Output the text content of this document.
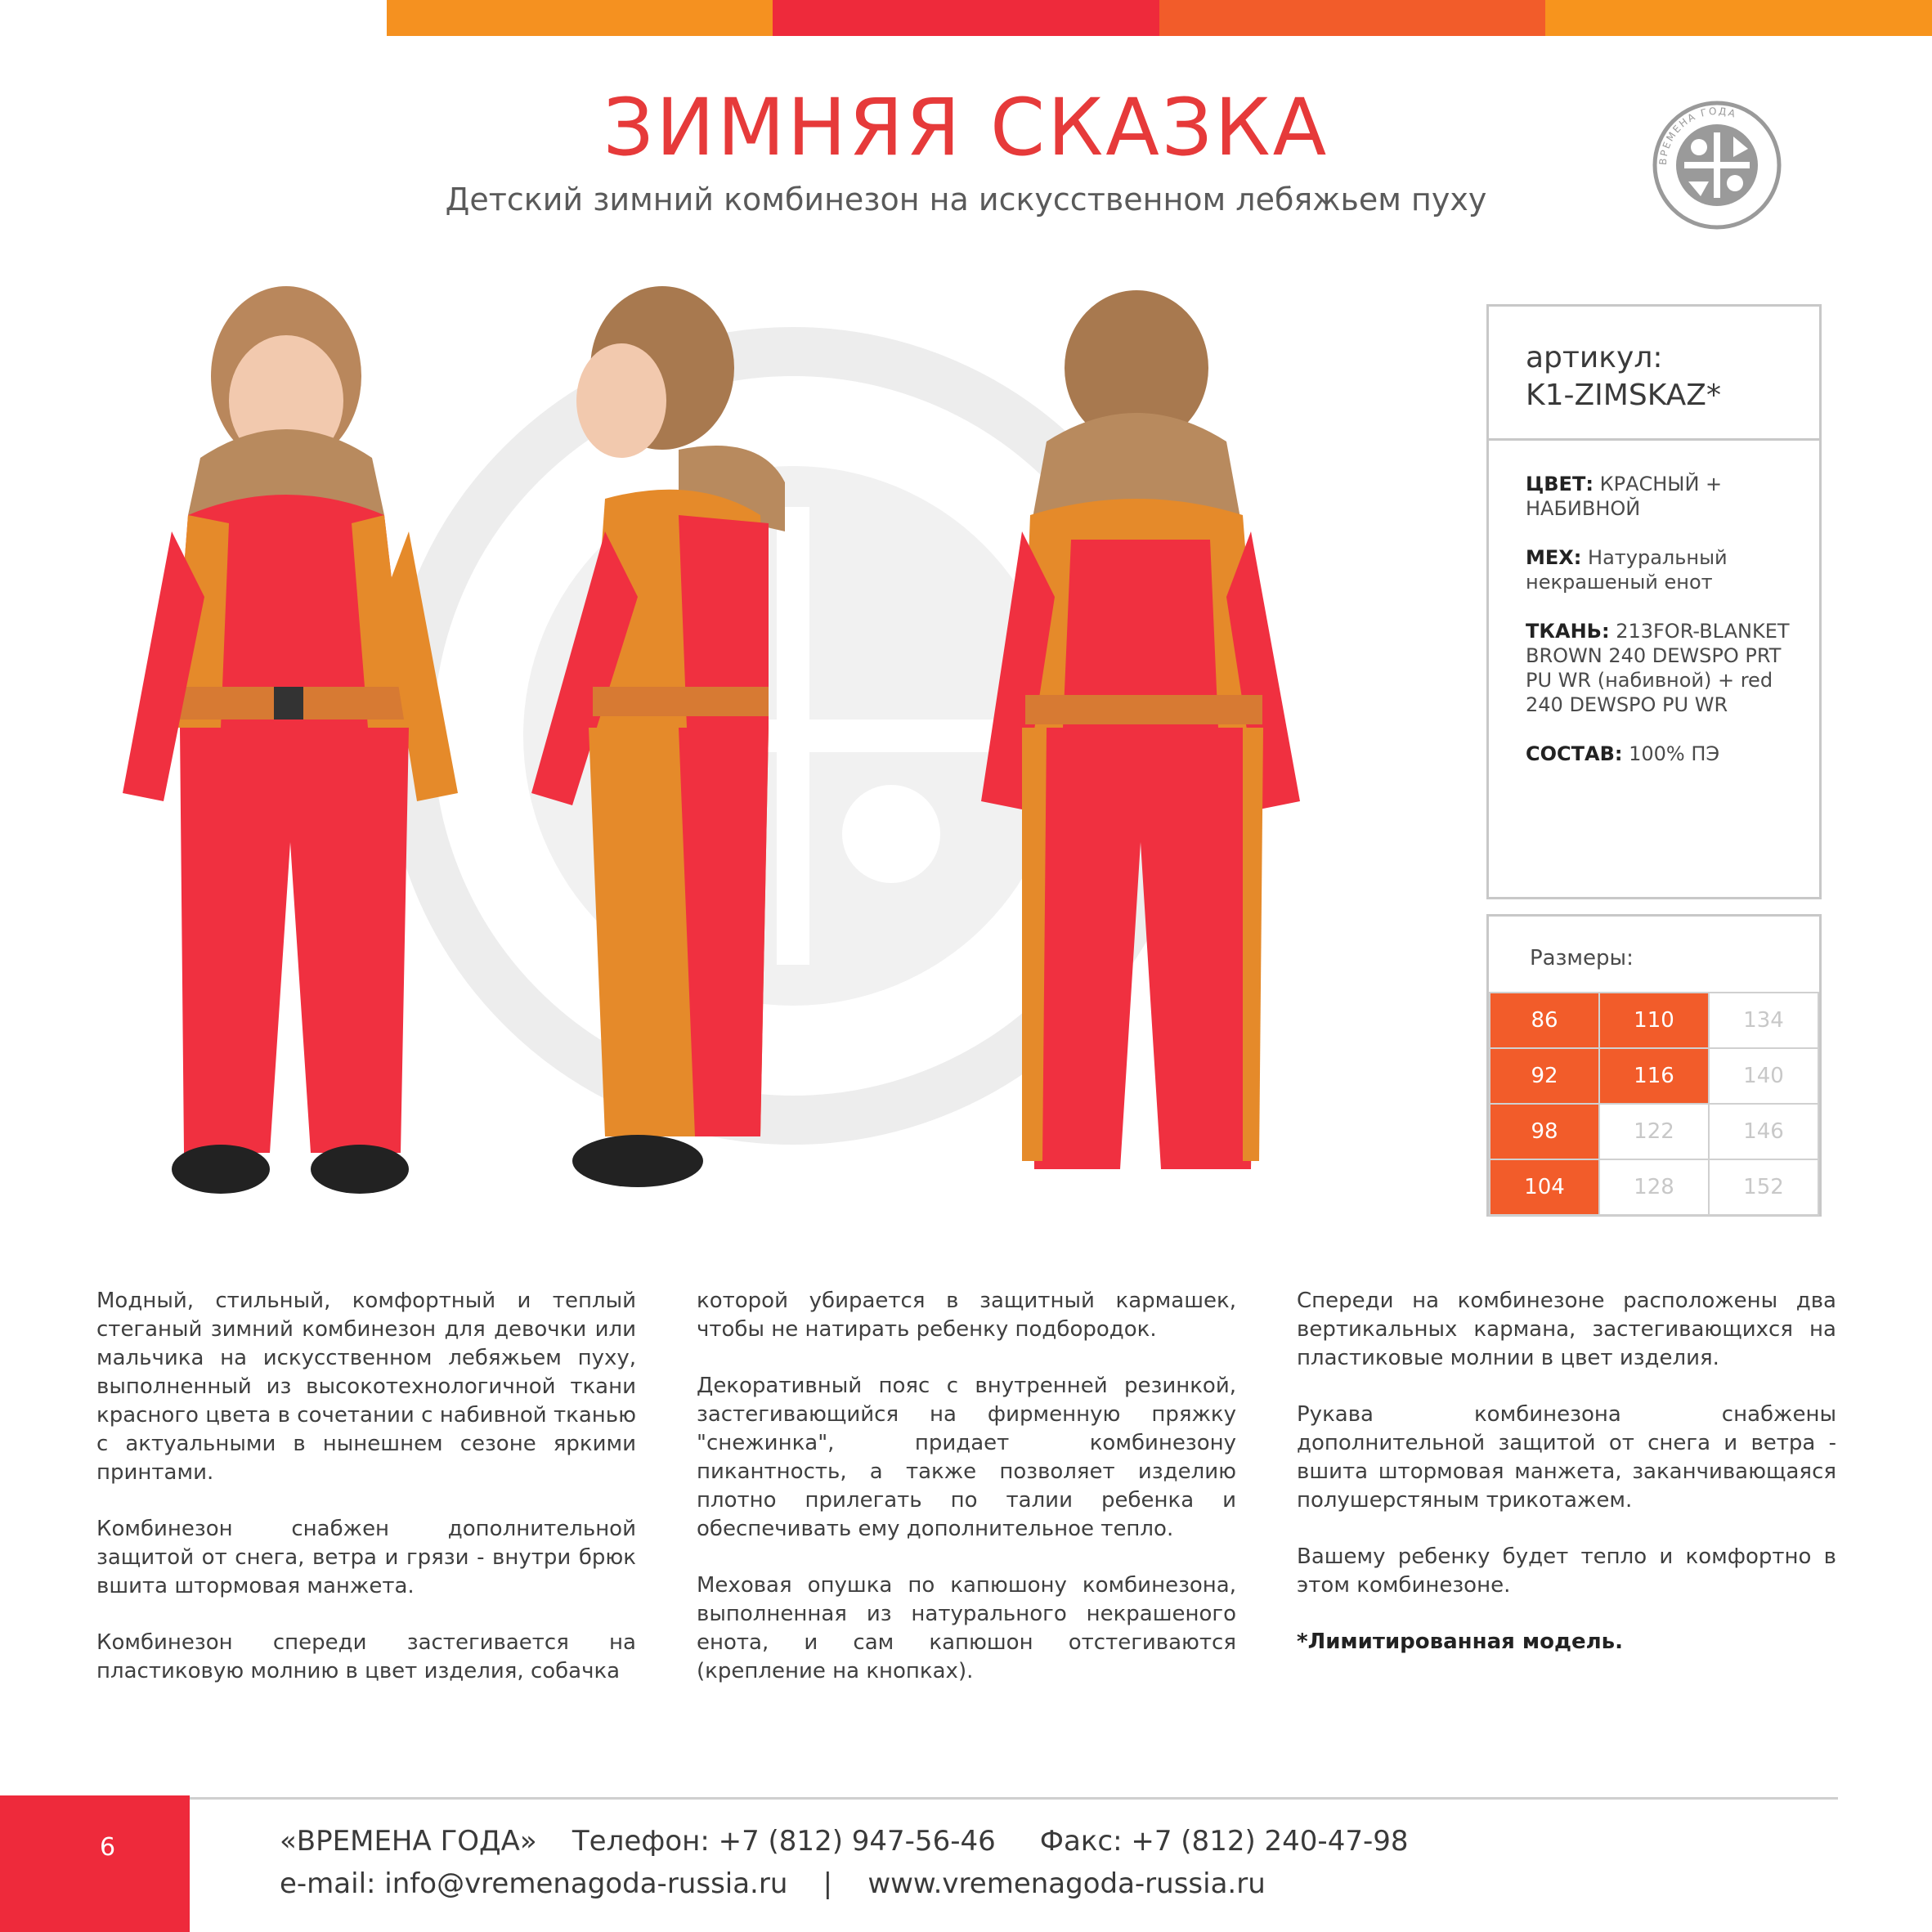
ЗИМНЯЯ СКАЗКА
Детский зимний комбинезон на искусственном лебяжьем пуху
ВРЕМЕНА ГОДА
артикул:
K1-ZIMSKAZ*

ЦВЕТ: КРАСНЫЙ + НАБИВНОЙ

МЕХ: Натуральный некрашеный енот

ТКАНЬ: 213FOR-BLANKET BROWN 240 DEWSPO PRT PU WR (набивной) + red 240 DEWSPO PU WR

СОСТАВ: 100% ПЭ

Размеры:
86	110	134
92	116	140
98	122	146
104	128	152

Модный, стильный, комфортный и теплый стеганый зимний комбинезон для девочки или мальчика на искусственном лебяжьем пуху, выполненный из высокотехнологичной ткани красного цвета в сочетании с набивной тканью с актуальными в нынешнем сезоне яркими принтами.

Комбинезон снабжен дополнительной защитой от снега, ветра и грязи - внутри брюк вшита штормовая манжета.

Комбинезон спереди застегивается на пластиковую молнию в цвет изделия, собачка

которой убирается в защитный кармашек, чтобы не натирать ребенку подбородок.

Декоративный пояс с внутренней резинкой, застегивающийся на фирменную пряжку "снежинка", придает комбинезону пикантность, а также позволяет изделию плотно прилегать по талии ребенка и обеспечивать ему дополнительное тепло.

Меховая опушка по капюшону комбинезона, выполненная из натурального некрашеного енота, и сам капюшон отстегиваются (крепление на кнопках).

Спереди на комбинезоне расположены два вертикальных кармана, застегивающихся на пластиковые молнии в цвет изделия.

Рукава комбинезона снабжены дополнительной защитой от снега и ветра - вшита штормовая манжета, заканчивающаяся полушерстяным трикотажем.

Вашему ребенку будет тепло и комфортно в этом комбинезоне.

*Лимитированная модель.

6	«ВРЕМЕНА ГОДА»    Телефон: +7 (812) 947-56-46     Факс: +7 (812) 240-47-98
e-mail: info@vremenagoda-russia.ru    |    www.vremenagoda-russia.ru
